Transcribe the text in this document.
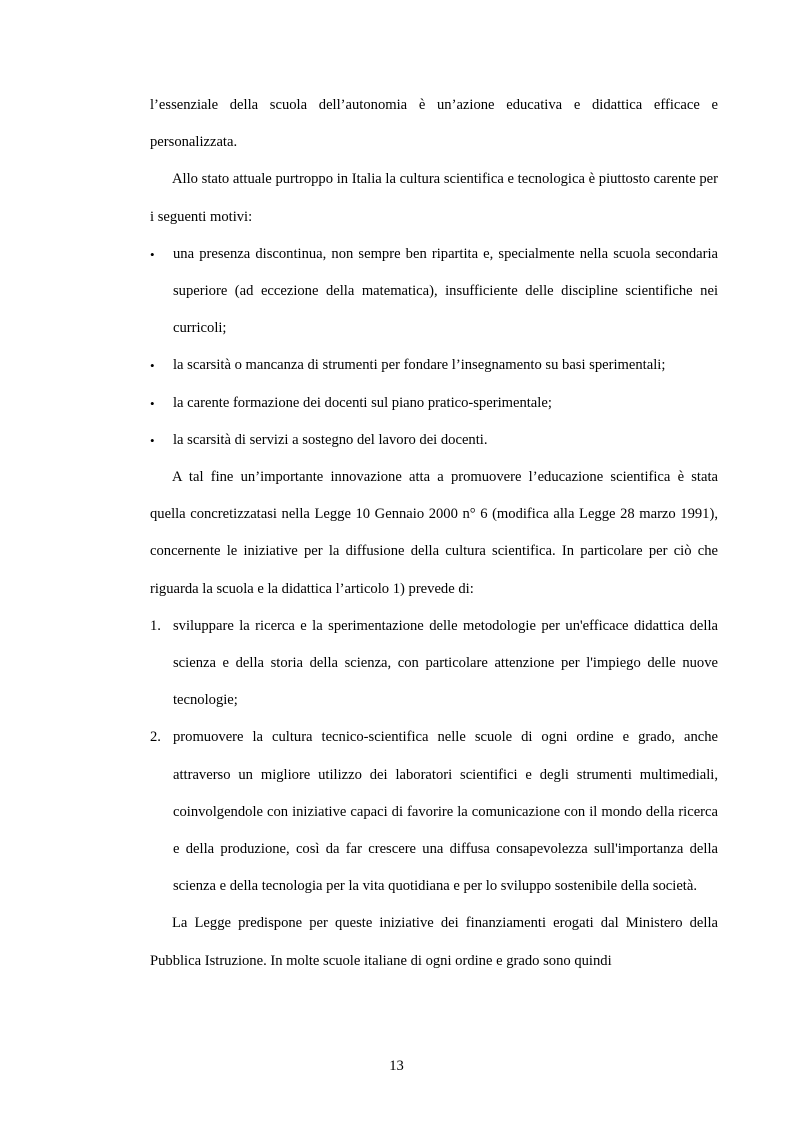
l’essenziale della scuola dell’autonomia è un’azione educativa e didattica efficace e personalizzata.

Allo stato attuale purtroppo in Italia la cultura scientifica e tecnologica è piuttosto carente per i seguenti motivi:

• una presenza discontinua, non sempre ben ripartita e, specialmente nella scuola secondaria superiore (ad eccezione della matematica), insufficiente delle discipline scientifiche nei curricoli;
• la scarsità o mancanza di strumenti per fondare l’insegnamento su basi sperimentali;
• la carente formazione dei docenti sul piano pratico-sperimentale;
• la scarsità di servizi a sostegno del lavoro dei docenti.

A tal fine un’importante innovazione atta a promuovere l’educazione scientifica è stata quella concretizzatasi nella Legge 10 Gennaio 2000 n° 6 (modifica alla Legge 28 marzo 1991), concernente le iniziative per la diffusione della cultura scientifica. In particolare per ciò che riguarda la scuola e la didattica l’articolo 1) prevede di:

1. sviluppare la ricerca e la sperimentazione delle metodologie per un'efficace didattica della scienza e della storia della scienza, con particolare attenzione per l'impiego delle nuove tecnologie;
2. promuovere la cultura tecnico-scientifica nelle scuole di ogni ordine e grado, anche attraverso un migliore utilizzo dei laboratori scientifici e degli strumenti multimediali, coinvolgendole con iniziative capaci di favorire la comunicazione con il mondo della ricerca e della produzione, così da far crescere una diffusa consapevolezza sull'importanza della scienza e della tecnologia per la vita quotidiana e per lo sviluppo sostenibile della società.

La Legge predispone per queste iniziative dei finanziamenti erogati dal Ministero della Pubblica Istruzione. In molte scuole italiane di ogni ordine e grado sono quindi

13
